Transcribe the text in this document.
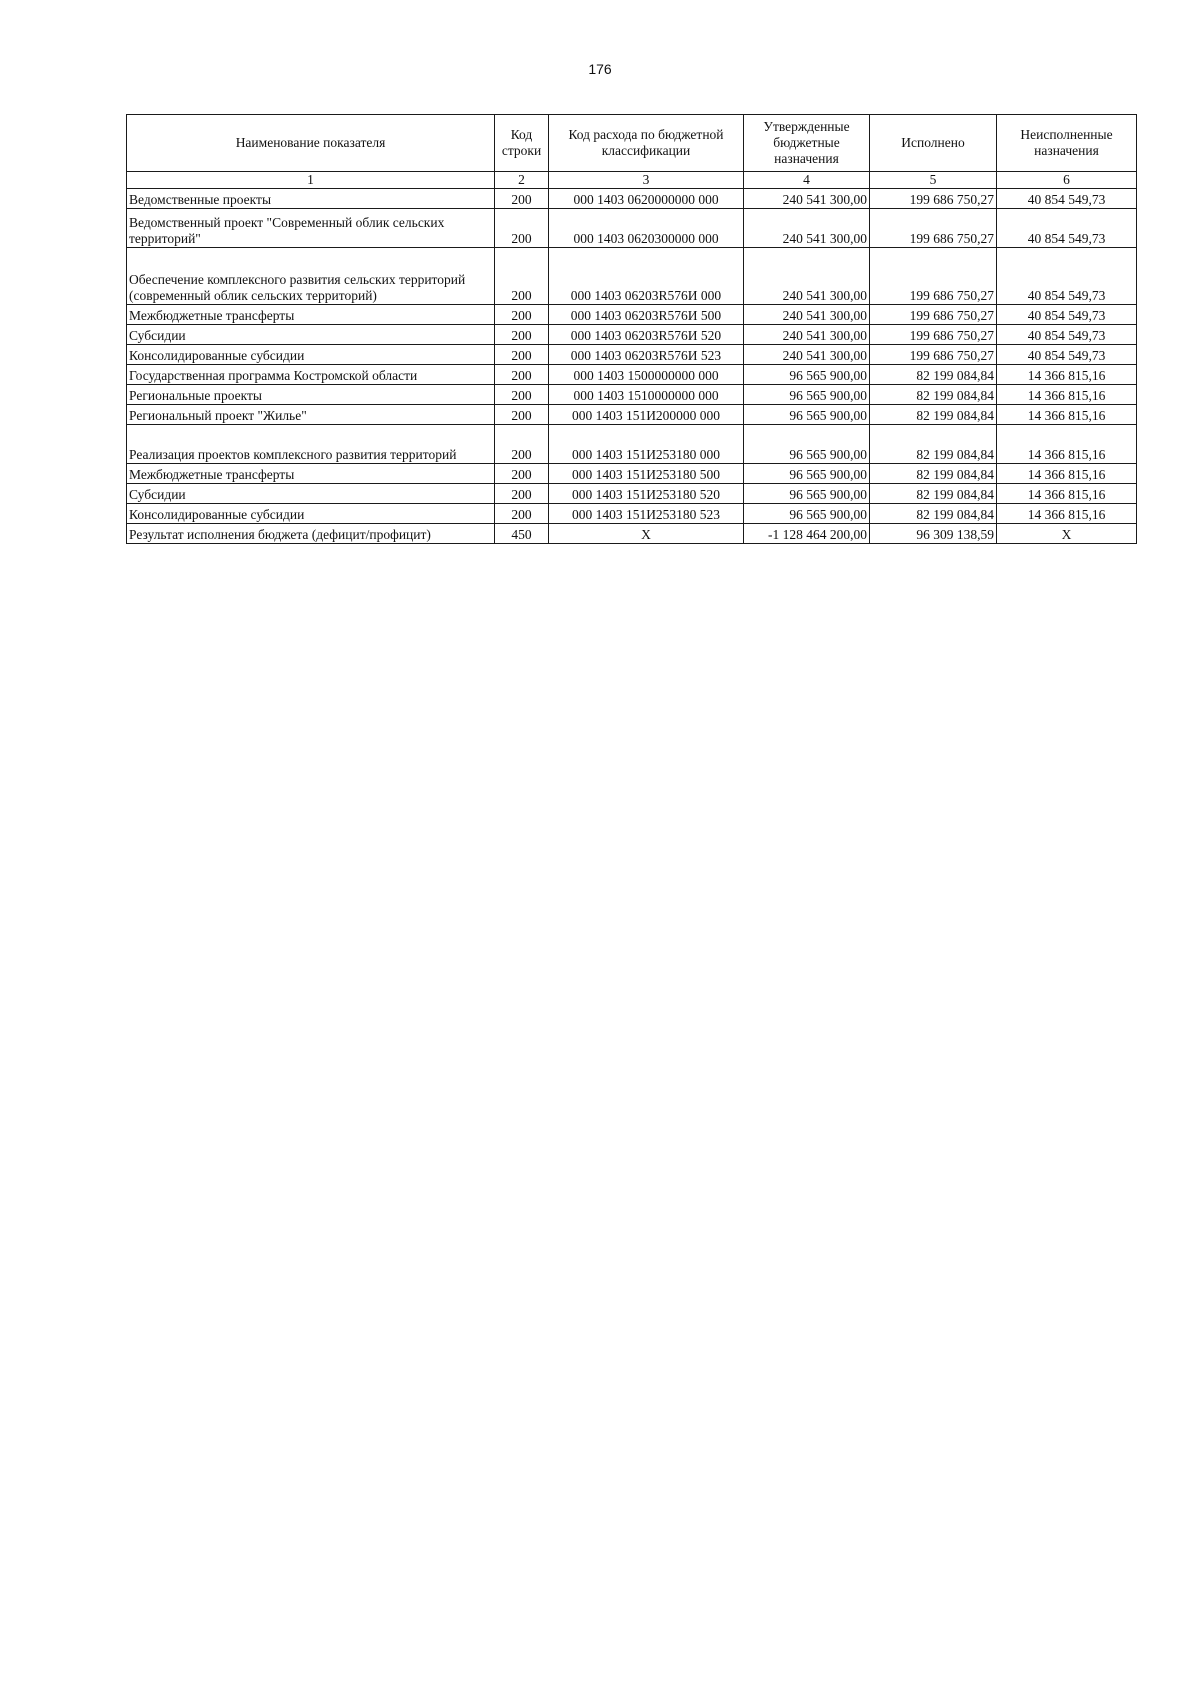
176
Наименование показателя	Код строки	Код расхода по бюджетной классификации	Утвержденные бюджетные назначения	Исполнено	Неисполненные назначения
1	2	3	4	5	6
Ведомственные проекты	200	000 1403 0620000000 000	240 541 300,00	199 686 750,27	40 854 549,73
Ведомственный проект "Современный облик сельских территорий"	200	000 1403 0620300000 000	240 541 300,00	199 686 750,27	40 854 549,73
Обеспечение комплексного развития сельских территорий (современный облик сельских территорий)	200	000 1403 06203R576И 000	240 541 300,00	199 686 750,27	40 854 549,73
Межбюджетные трансферты	200	000 1403 06203R576И 500	240 541 300,00	199 686 750,27	40 854 549,73
Субсидии	200	000 1403 06203R576И 520	240 541 300,00	199 686 750,27	40 854 549,73
Консолидированные субсидии	200	000 1403 06203R576И 523	240 541 300,00	199 686 750,27	40 854 549,73
Государственная программа Костромской области	200	000 1403 1500000000 000	96 565 900,00	82 199 084,84	14 366 815,16
Региональные проекты	200	000 1403 1510000000 000	96 565 900,00	82 199 084,84	14 366 815,16
Региональный проект "Жилье"	200	000 1403 151И200000 000	96 565 900,00	82 199 084,84	14 366 815,16
Реализация проектов комплексного развития территорий	200	000 1403 151И253180 000	96 565 900,00	82 199 084,84	14 366 815,16
Межбюджетные трансферты	200	000 1403 151И253180 500	96 565 900,00	82 199 084,84	14 366 815,16
Субсидии	200	000 1403 151И253180 520	96 565 900,00	82 199 084,84	14 366 815,16
Консолидированные субсидии	200	000 1403 151И253180 523	96 565 900,00	82 199 084,84	14 366 815,16
Результат исполнения бюджета (дефицит/профицит)	450	X	-1 128 464 200,00	96 309 138,59	X
